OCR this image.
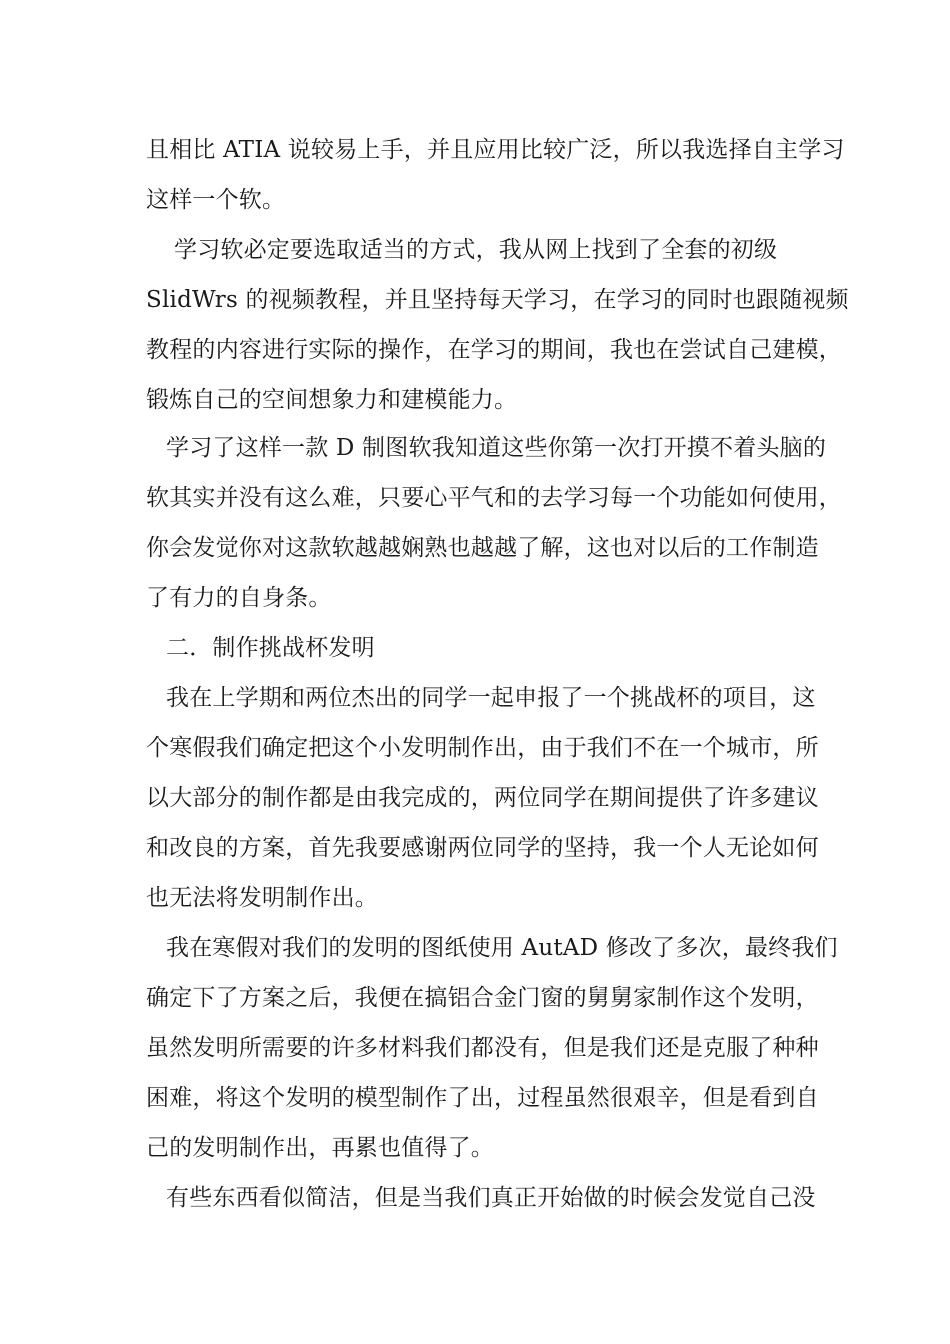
且相比 ATIA 说较易上手，并且应用比较广泛，所以我选择自主学习
这样一个软。
学习软必定要选取适当的方式，我从网上找到了全套的初级
SlidWrs 的视频教程，并且坚持每天学习，在学习的同时也跟随视频
教程的内容进行实际的操作，在学习的期间，我也在尝试自己建模，
锻炼自己的空间想象力和建模能力。
学习了这样一款 D 制图软我知道这些你第一次打开摸不着头脑的
软其实并没有这么难，只要心平气和的去学习每一个功能如何使用，
你会发觉你对这款软越越娴熟也越越了解，这也对以后的工作制造
了有力的自身条。
二．制作挑战杯发明
我在上学期和两位杰出的同学一起申报了一个挑战杯的项目，这
个寒假我们确定把这个小发明制作出，由于我们不在一个城市，所
以大部分的制作都是由我完成的，两位同学在期间提供了许多建议
和改良的方案，首先我要感谢两位同学的坚持，我一个人无论如何
也无法将发明制作出。
我在寒假对我们的发明的图纸使用 AutAD 修改了多次，最终我们
确定下了方案之后，我便在搞铝合金门窗的舅舅家制作这个发明，
虽然发明所需要的许多材料我们都没有，但是我们还是克服了种种
困难，将这个发明的模型制作了出，过程虽然很艰辛，但是看到自
己的发明制作出，再累也值得了。
有些东西看似简洁，但是当我们真正开始做的时候会发觉自己没
